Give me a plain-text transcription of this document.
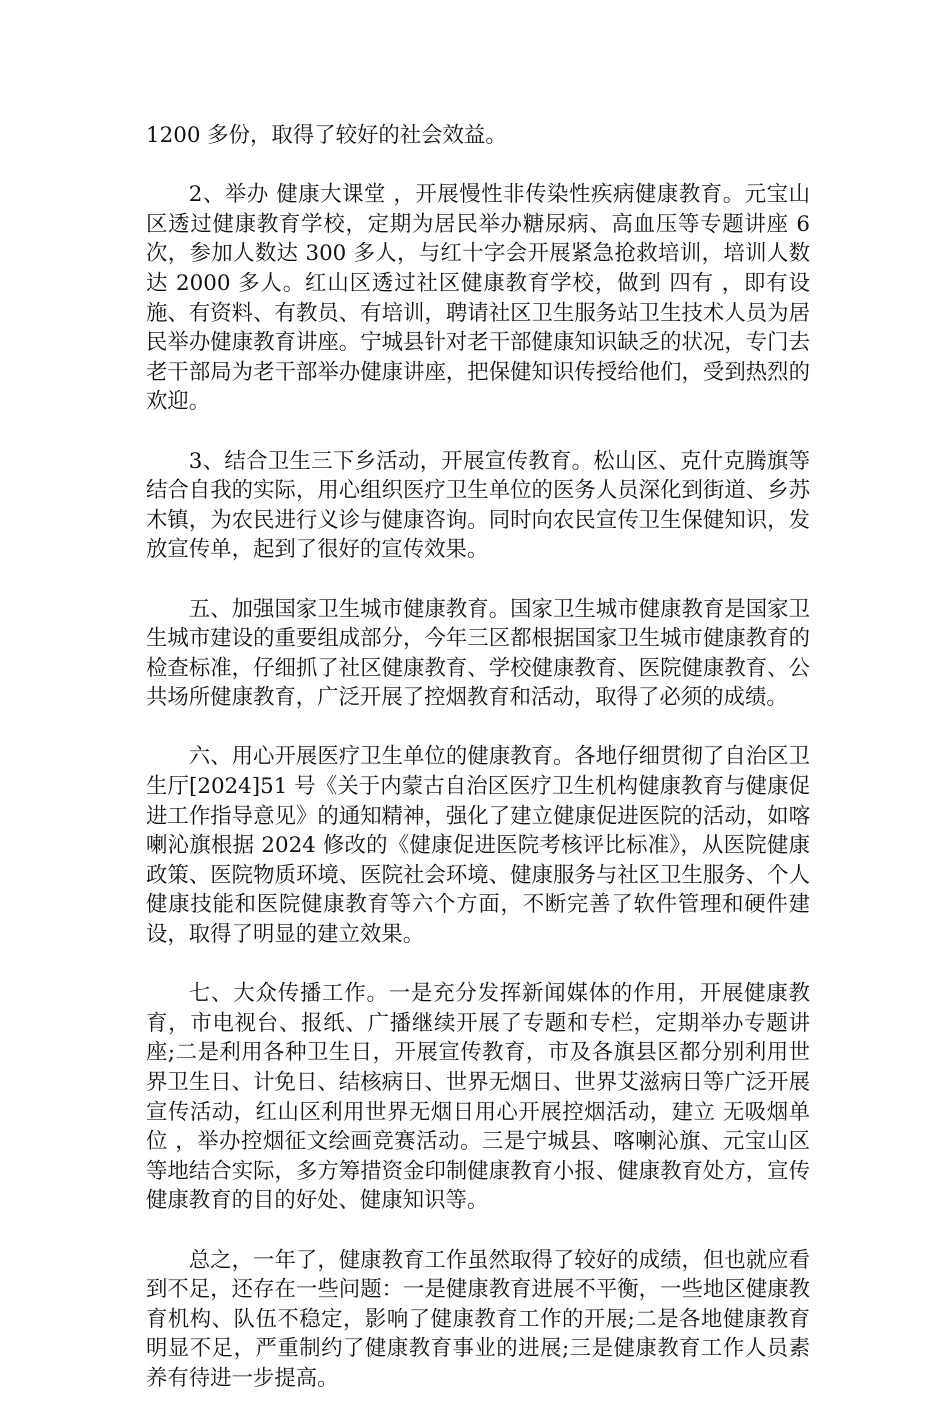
1200 多份，取得了较好的社会效益。

2、举办 健康大课堂 ，开展慢性非传染性疾病健康教育。元宝山区透过健康教育学校，定期为居民举办糖尿病、高血压等专题讲座 6 次，参加人数达 300 多人，与红十字会开展紧急抢救培训，培训人数达 2000 多人。红山区透过社区健康教育学校，做到 四有 ，即有设施、有资料、有教员、有培训，聘请社区卫生服务站卫生技术人员为居民举办健康教育讲座。宁城县针对老干部健康知识缺乏的状况，专门去老干部局为老干部举办健康讲座，把保健知识传授给他们，受到热烈的欢迎。

3、结合卫生三下乡活动，开展宣传教育。松山区、克什克腾旗等结合自我的实际，用心组织医疗卫生单位的医务人员深化到街道、乡苏木镇，为农民进行义诊与健康咨询。同时向农民宣传卫生保健知识，发放宣传单，起到了很好的宣传效果。

五、加强国家卫生城市健康教育。国家卫生城市健康教育是国家卫生城市建设的重要组成部分，今年三区都根据国家卫生城市健康教育的检查标准，仔细抓了社区健康教育、学校健康教育、医院健康教育、公共场所健康教育，广泛开展了控烟教育和活动，取得了必须的成绩。

六、用心开展医疗卫生单位的健康教育。各地仔细贯彻了自治区卫生厅[2024]51 号《关于内蒙古自治区医疗卫生机构健康教育与健康促进工作指导意见》的通知精神，强化了建立健康促进医院的活动，如喀喇沁旗根据 2024 修改的《健康促进医院考核评比标准》，从医院健康政策、医院物质环境、医院社会环境、健康服务与社区卫生服务、个人健康技能和医院健康教育等六个方面，不断完善了软件管理和硬件建设，取得了明显的建立效果。

七、大众传播工作。一是充分发挥新闻媒体的作用，开展健康教育，市电视台、报纸、广播继续开展了专题和专栏，定期举办专题讲座;二是利用各种卫生日，开展宣传教育，市及各旗县区都分别利用世界卫生日、计免日、结核病日、世界无烟日、世界艾滋病日等广泛开展宣传活动，红山区利用世界无烟日用心开展控烟活动，建立 无吸烟单位 ，举办控烟征文绘画竞赛活动。三是宁城县、喀喇沁旗、元宝山区等地结合实际，多方筹措资金印制健康教育小报、健康教育处方，宣传健康教育的目的好处、健康知识等。

总之，一年了，健康教育工作虽然取得了较好的成绩，但也就应看到不足，还存在一些问题：一是健康教育进展不平衡，一些地区健康教育机构、队伍不稳定，影响了健康教育工作的开展;二是各地健康教育明显不足，严重制约了健康教育事业的进展;三是健康教育工作人员素养有待进一步提高。
